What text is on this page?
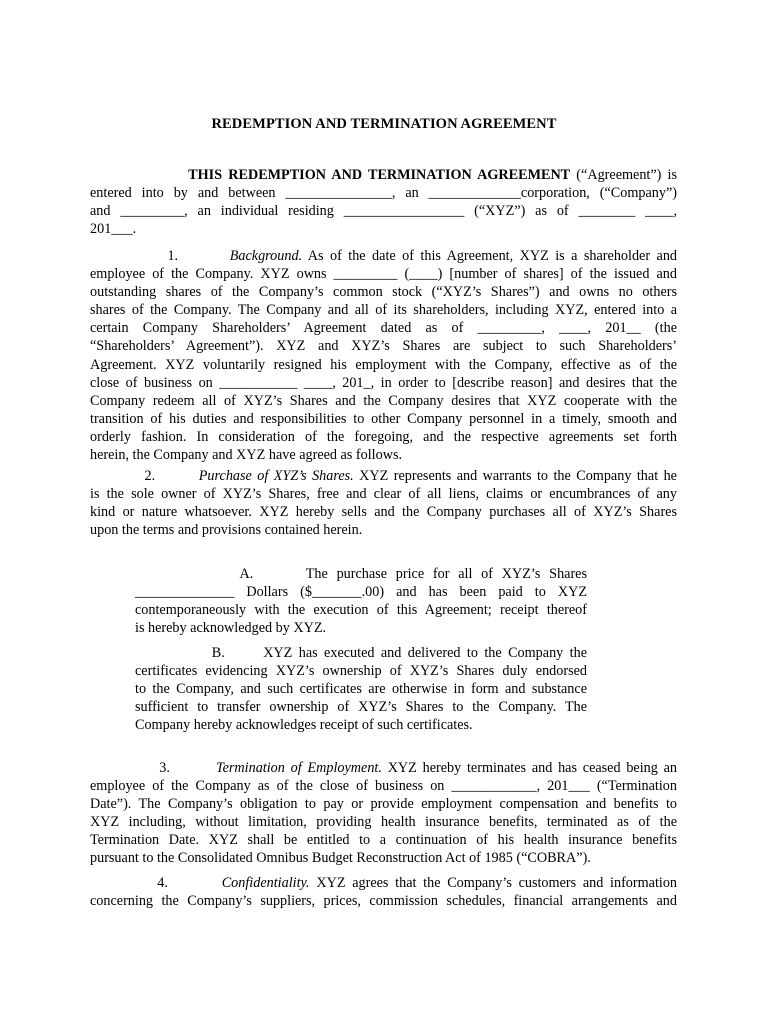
REDEMPTION AND TERMINATION AGREEMENT
THIS REDEMPTION AND TERMINATION AGREEMENT (“Agreement”) is
entered into by and between _______________, an _____________corporation, (“Company”)
and _________, an individual residing _________________ (“XYZ”) as of ________ ____,
201___.
1.	Background. As of the date of this Agreement, XYZ is a shareholder and
employee of the Company. XYZ owns _________ (____) [number of shares] of the issued and
outstanding shares of the Company’s common stock (“XYZ’s Shares”) and owns no others
shares of the Company. The Company and all of its shareholders, including XYZ, entered into a
certain Company Shareholders’ Agreement dated as of _________, ____, 201__ (the
“Shareholders’ Agreement”). XYZ and XYZ’s Shares are subject to such Shareholders’
Agreement. XYZ voluntarily resigned his employment with the Company, effective as of the
close of business on ___________ ____, 201_, in order to [describe reason] and desires that the
Company redeem all of XYZ’s Shares and the Company desires that XYZ cooperate with the
transition of his duties and responsibilities to other Company personnel in a timely, smooth and
orderly fashion. In consideration of the foregoing, and the respective agreements set forth
herein, the Company and XYZ have agreed as follows.
2.	Purchase of XYZ’s Shares. XYZ represents and warrants to the Company that he
is the sole owner of XYZ’s Shares, free and clear of all liens, claims or encumbrances of any
kind or nature whatsoever. XYZ hereby sells and the Company purchases all of XYZ’s Shares
upon the terms and provisions contained herein.
A.	The purchase price for all of XYZ’s Shares
______________ Dollars ($_______.00) and has been paid to XYZ
contemporaneously with the execution of this Agreement; receipt thereof
is hereby acknowledged by XYZ.
B.	XYZ has executed and delivered to the Company the
certificates evidencing XYZ’s ownership of XYZ’s Shares duly endorsed
to the Company, and such certificates are otherwise in form and substance
sufficient to transfer ownership of XYZ’s Shares to the Company. The
Company hereby acknowledges receipt of such certificates.
3.	Termination of Employment. XYZ hereby terminates and has ceased being an
employee of the Company as of the close of business on ____________, 201___ (“Termination
Date”). The Company’s obligation to pay or provide employment compensation and benefits to
XYZ including, without limitation, providing health insurance benefits, terminated as of the
Termination Date. XYZ shall be entitled to a continuation of his health insurance benefits
pursuant to the Consolidated Omnibus Budget Reconstruction Act of 1985 (“COBRA”).
4.	Confidentiality. XYZ agrees that the Company’s customers and information
concerning the Company’s suppliers, prices, commission schedules, financial arrangements and
